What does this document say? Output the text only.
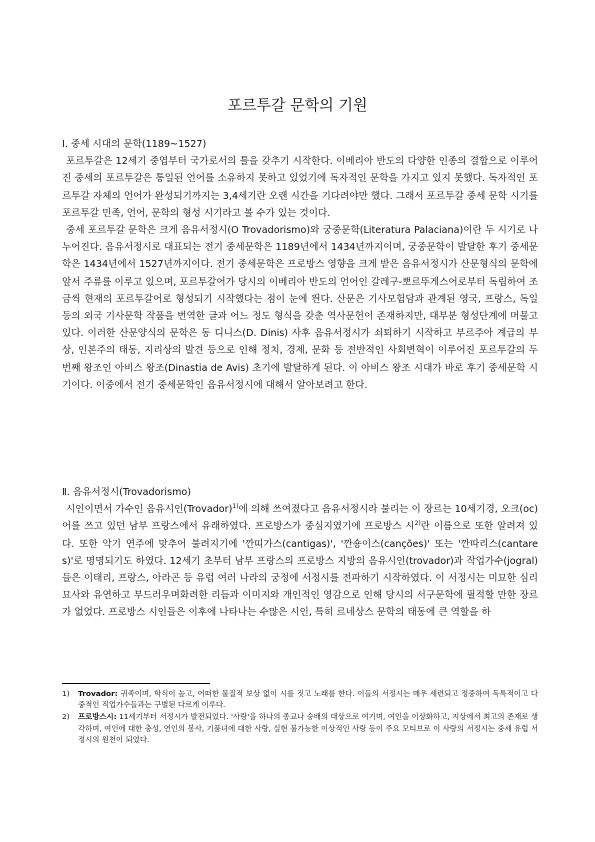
포르투갈 문학의 기원
Ⅰ. 중세 시대의 문학(1189~1527)

포르투갈은 12세기 중엽부터 국가로서의 틀을 갖추기 시작한다. 이베리아 반도의 다양한 인종의 결합으로 이루어진 중세의 포르투갈은 통일된 언어를 소유하지 못하고 있었기에 독자적인 문학을 가지고 있지 못했다. 독자적인 포르투갈 자체의 언어가 완성되기까지는 3,4세기란 오랜 시간을 기다려야만 했다. 그래서 포르투갈 중세 문학 시기를 포르투갈 민족, 언어, 문학의 형성 시기라고 볼 수가 있는 것이다.

중세 포르투갈 문학은 크게 음유서정시(O Trovadorismo)와 궁중문학(Literatura Palaciana)이란 두 시기로 나누어진다. 음유서정시로 대표되는 전기 중세문학은 1189년에서 1434년까지이며, 궁중문학이 발달한 후기 중세문학은 1434년에서 1527년까지이다. 전기 중세문학은 프로방스 영향을 크게 받은 음유서정시가 산문형식의 문학에 앞서 주류를 이루고 있으며, 포르투갈어가 당시의 이베리아 반도의 언어인 갈레구-뽀르뚜게스어로부터 독립하여 조금씩 현재의 포르투갈어로 형성되기 시작했다는 점이 눈에 띈다. 산문은 기사모험담과 관계된 영국, 프랑스, 독일 등의 외국 기사문학 작품을 번역한 글과 어느 정도 형식을 갖춘 역사문헌이 존재하지만, 대부분 형성단계에 머물고 있다. 이러한 산문양식의 문학은 동 디니스(D. Dinis) 사후 음유서정시가 쇠퇴하기 시작하고 부르주아 계급의 부상, 인본주의 태동, 지리상의 발견 등으로 인해 정치, 경제, 문화 등 전반적인 사회변혁이 이루어진 포르투갈의 두 번째 왕조인 아비스 왕조(Dinastia de Avis) 초기에 발달하게 된다. 이 아비스 왕조 시대가 바로 후기 중세문학 시기이다. 이중에서 전기 중세문학인 음유서정시에 대해서 알아보려고 한다.

Ⅱ. 음유서정시(Trovadorismo)

시인이면서 가수인 음유시인(Trovador)$^{1)}$에 의해 쓰여졌다고 음유서정시라 불리는 이 장르는 10세기경, 오크(oc)어를 쓰고 있던 남부 프랑스에서 유래하였다. 프로방스가 중심지였기에 프로방스 시$^{2)}$란 이름으로 또한 알려져 있다. 또한 악기 연주에 맞추어 불려지기에 '깐띠가스(cantigas)', '깐숑이스(canções)' 또는 '깐따리스(cantares)'로 명명되기도 하였다. 12세기 초부터 남부 프랑스의 프로방스 지방의 음유시인(trovador)과 작업가수(jogral)들은 이태리, 프랑스, 아라곤 등 유럽 여러 나라의 궁정에 서정시를 전파하기 시작하였다. 이 서정시는 미묘한 심리묘사와 유연하고 부드러우며화려한 리듬과 이미지와 개인적인 영감으로 인해 당시의 서구문학에 필적할 만한 장르가 없었다. 프로방스 시인들은 이후에 나타나는 수많은 시인, 특히 르네상스 문학의 태동에 큰 역할을 하

1)	Trovador: 귀족이며, 학식이 높고, 어떠한 물질적 보상 없이 시를 짓고 노래를 한다. 이들의 서정시는 매우 세련되고 정중하여 독특적이고 다중적인 직업가수들과는 구별된 다르게 이루다.
2)	프로방스시: 11세기부터 서정시가 발전되었다. '사랑'을 하나의 종교나 숭배의 대상으로 여기며, 여인을 이상화하고, 지상에서 최고의 존재로 생각하며, 여인에 대한 충성, 연인의 봉사, 기품녀에 대한 사랑, 실현 불가능한 이상적인 사랑 등이 주요 모티브로 이 사랑의 서정시는 중세 유럽 서정시의 원천이 되었다.
